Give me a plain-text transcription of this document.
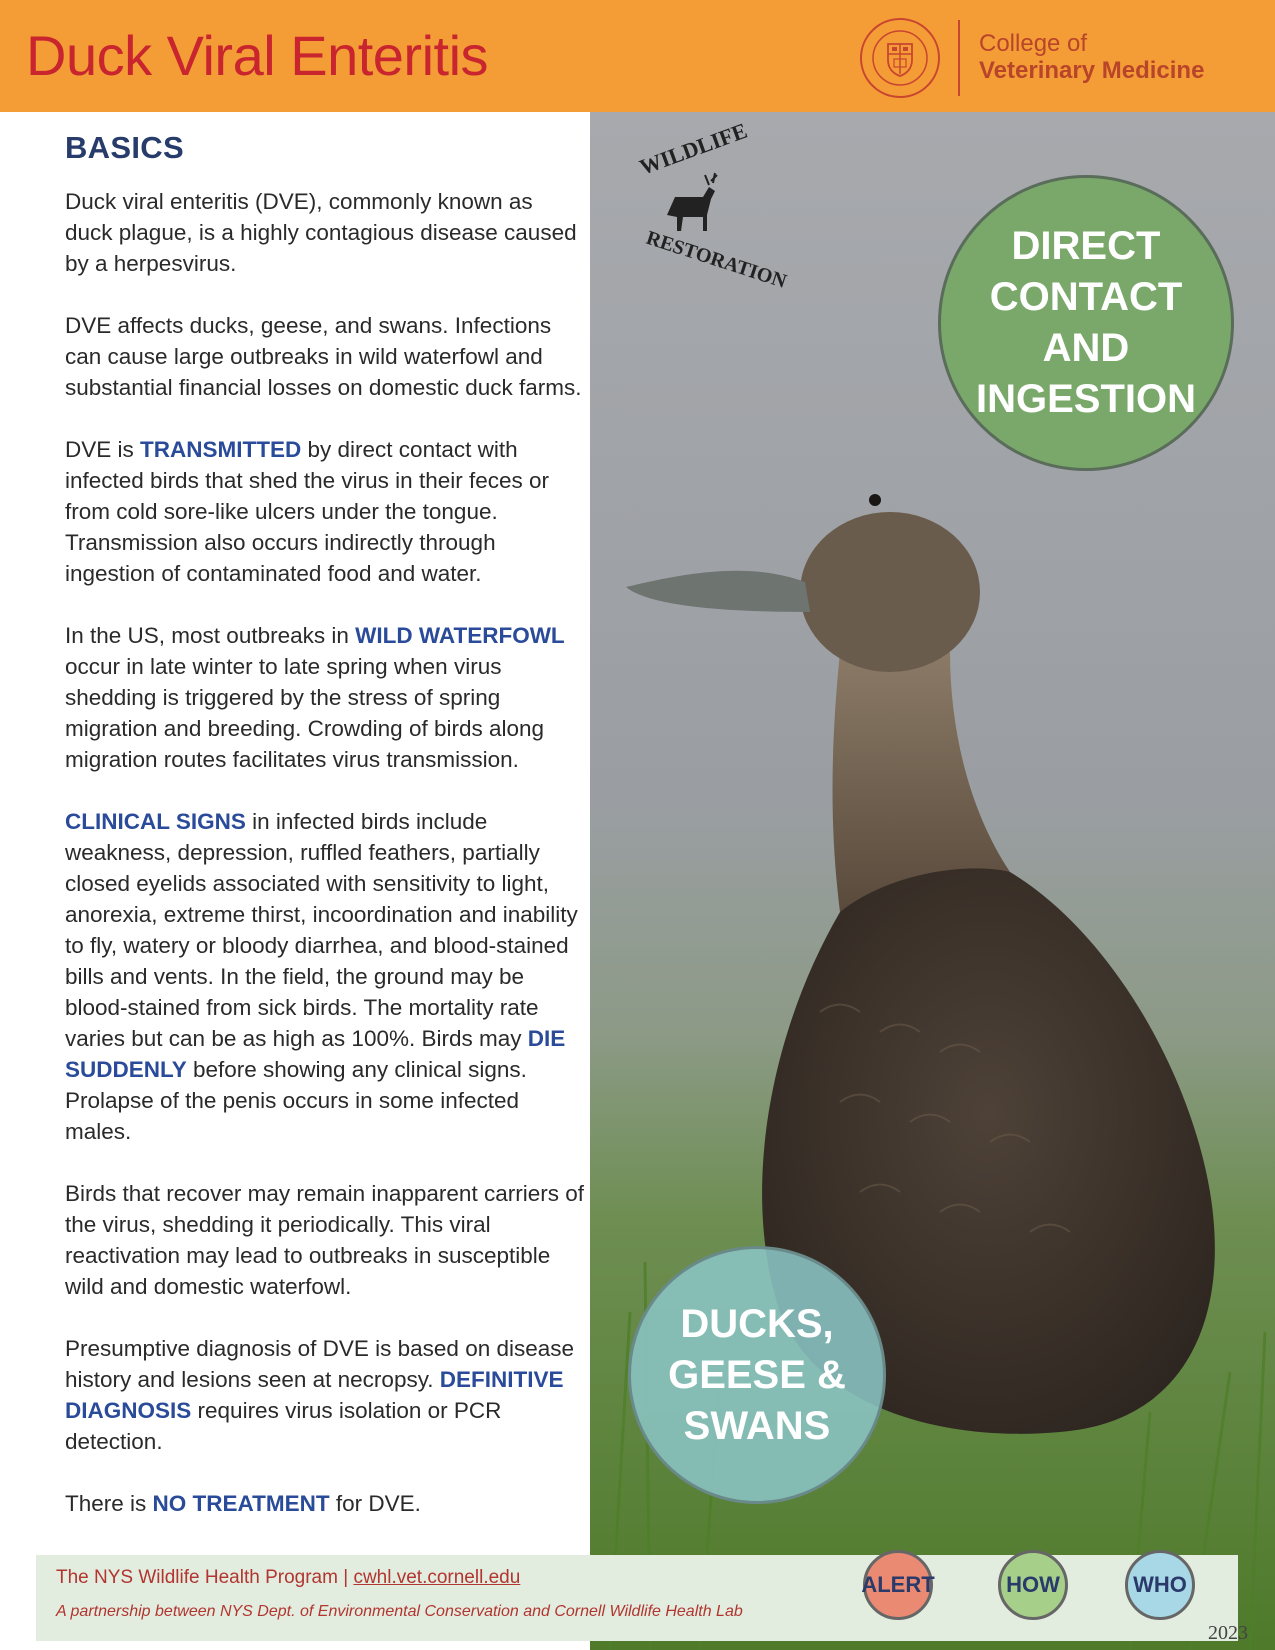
Duck Viral Enteritis	College of
Veterinary Medicine
BASICS

Duck viral enteritis (DVE), commonly known as duck plague, is a highly contagious disease caused by a herpesvirus.

DVE affects ducks, geese, and swans. Infections can cause large outbreaks in wild waterfowl and substantial financial losses on domestic duck farms.

DVE is TRANSMITTED by direct contact with infected birds that shed the virus in their feces or from cold sore-like ulcers under the tongue. Transmission also occurs indirectly through ingestion of contaminated food and water.

In the US, most outbreaks in WILD WATERFOWL occur in late winter to late spring when virus shedding is triggered by the stress of spring migration and breeding. Crowding of birds along migration routes facilitates virus transmission.

CLINICAL SIGNS in infected birds include weakness, depression, ruffled feathers, partially closed eyelids associated with sensitivity to light, anorexia, extreme thirst, incoordination and inability to fly, watery or bloody diarrhea, and blood-stained bills and vents. In the field, the ground may be blood-stained from sick birds. The mortality rate varies but can be as high as 100%. Birds may DIE SUDDENLY before showing any clinical signs. Prolapse of the penis occurs in some infected males.

Birds that recover may remain inapparent carriers of the virus, shedding it periodically. This viral reactivation may lead to outbreaks in susceptible wild and domestic waterfowl.

Presumptive diagnosis of DVE is based on disease history and lesions seen at necropsy. DEFINITIVE DIAGNOSIS requires virus isolation or PCR detection.

There is NO TREATMENT for DVE.

WILDLIFE
RESTORATION	DIRECT
CONTACT
AND
INGESTION
DUCKS,
GEESE &
SWANS
The NYS Wildlife Health Program | cwhl.vet.cornell.edu
A partnership between NYS Dept. of Environmental Conservation and Cornell Wildlife Health Lab
ALERT	HOW	WHO
2023
